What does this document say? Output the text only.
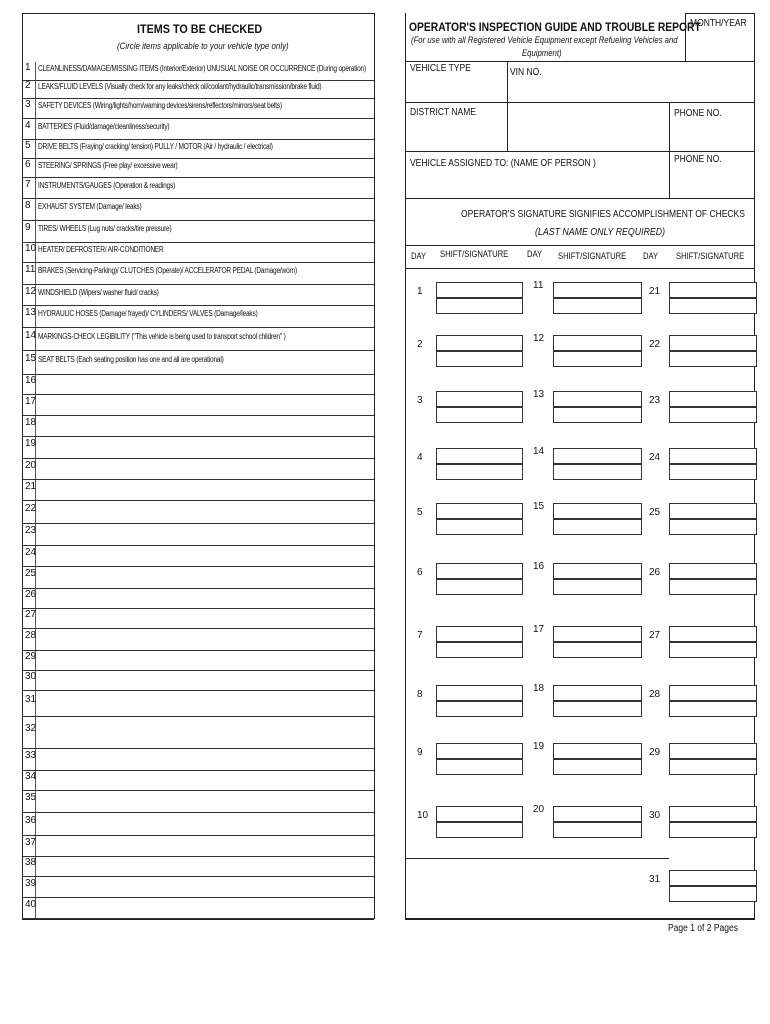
ITEMS TO BE CHECKED
(Circle items applicable to your vehicle type only)
1 CLEANLINESS/DAMAGE/MISSING ITEMS (Interior/Exterior) UNUSUAL NOISE OR OCCURRENCE (During operation)
2 LEAKS/FLUID LEVELS (Visually check for any leaks/check oil/coolant/hydraulic/transmission/brake fluid)
3 SAFETY DEVICES (Wiring/lights/horn/warning devices/sirens/reflectors/mirrors/seat belts)
4 BATTERIES (Fluid/damage/cleanliness/security)
5 DRIVE BELTS (Fraying/ cracking/ tension) PULLY / MOTOR (Air / hydraulic / electrical)
6 STEERING/ SPRINGS (Free play/ excessive wear)
7 INSTRUMENTS/GAUGES (Operation & readings)
8 EXHAUST SYSTEM (Damage/ leaks)
9 TIRES/ WHEELS (Lug nuts/ cracks/tire pressure)
10 HEATER/ DEFROSTER/ AIR-CONDITIONER
11 BRAKES (Servicing-Parking)/ CLUTCHES (Operate)/ ACCELERATOR PEDAL (Damage/worn)
12 WINDSHIELD (Wipers/ washer fluid/ cracks)
13 HYDRAULIC HOSES (Damage/ frayed)/ CYLINDERS/ VALVES (Damage/leaks)
14 MARKINGS-CHECK LEGIBILITY ("This vehicle is being used to transport school children" )
15 SEAT BELTS (Each seating position has one and all are operational)
16
17
18
19
20
21
22
23
24
25
26
27
28
29
30
31
32
33
34
35
36
37
38
39
40
OPERATOR'S INSPECTION GUIDE AND TROUBLE REPORT
(For use with all Registered Vehicle Equipment except Refueling Vehicles and
Equipment)
MONTH/YEAR
VEHICLE TYPE	VIN NO.
DISTRICT NAME	PHONE NO.
VEHICLE ASSIGNED TO: (NAME OF PERSON )	PHONE NO.
OPERATOR'S SIGNATURE SIGNIFIES ACCOMPLISHMENT OF CHECKS
(LAST NAME ONLY REQUIRED)
DAY SHIFT/SIGNATURE DAY SHIFT/SIGNATURE DAY SHIFT/SIGNATURE
1
2
3
4
5
6
7
8
9
10
11
12
13
14
15
16
17
18
19
20
21
22
23
24
25
26
27
28
29
30
31
Page 1 of 2 Pages
